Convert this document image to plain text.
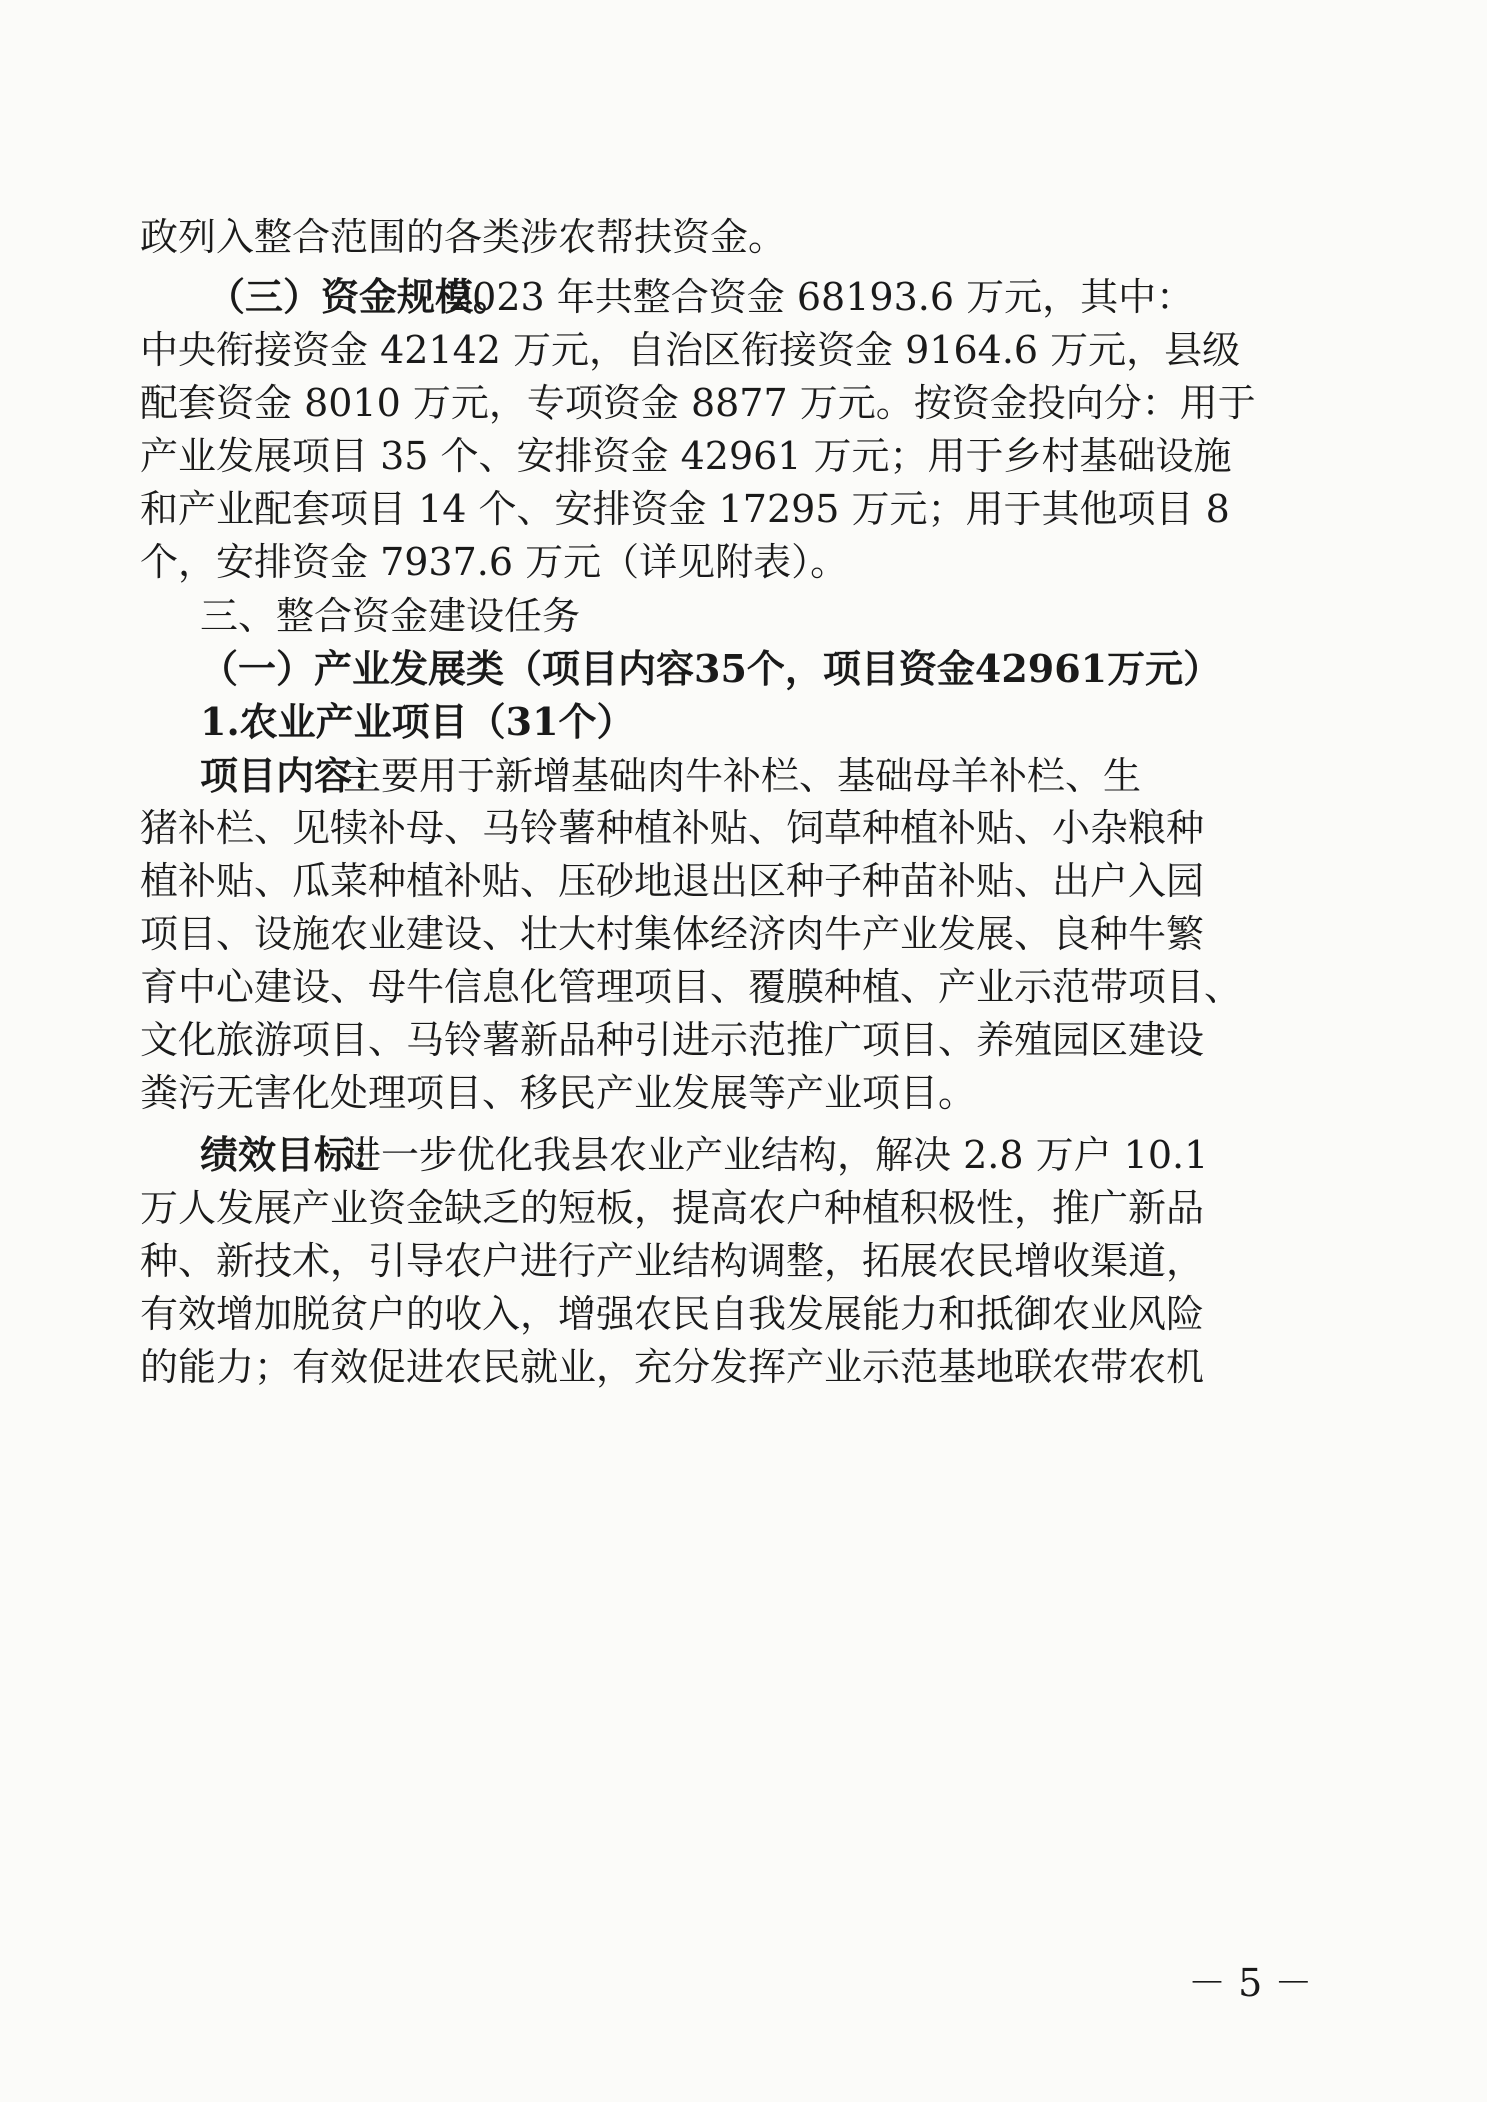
政列入整合范围的各类涉农帮扶资金。
（三）资金规模。
2023 年共整合资金 68193.6 万元，其中：
中央衔接资金 42142 万元，自治区衔接资金 9164.6 万元，县级
配套资金 8010 万元，专项资金 8877 万元。按资金投向分：用于
产业发展项目 35 个、安排资金 42961 万元；用于乡村基础设施
和产业配套项目 14 个、安排资金 17295 万元；用于其他项目 8
个，安排资金 7937.6 万元（详见附表）。
三、整合资金建设任务
（一）产业发展类（项目内容35个，项目资金42961万元）
1.农业产业项目（31个）
项目内容：
主要用于新增基础肉牛补栏、基础母羊补栏、生
猪补栏、见犊补母、马铃薯种植补贴、饲草种植补贴、小杂粮种
植补贴、瓜菜种植补贴、压砂地退出区种子种苗补贴、出户入园
项目、设施农业建设、壮大村集体经济肉牛产业发展、良种牛繁
育中心建设、母牛信息化管理项目、覆膜种植、产业示范带项目、
文化旅游项目、马铃薯新品种引进示范推广项目、养殖园区建设
粪污无害化处理项目、移民产业发展等产业项目。
绩效目标：
进一步优化我县农业产业结构，解决 2.8 万户 10.1
万人发展产业资金缺乏的短板，提高农户种植积极性，推广新品
种、新技术，引导农户进行产业结构调整，拓展农民增收渠道，
有效增加脱贫户的收入，增强农民自我发展能力和抵御农业风险
的能力；有效促进农民就业，充分发挥产业示范基地联农带农机
－ 5 －
